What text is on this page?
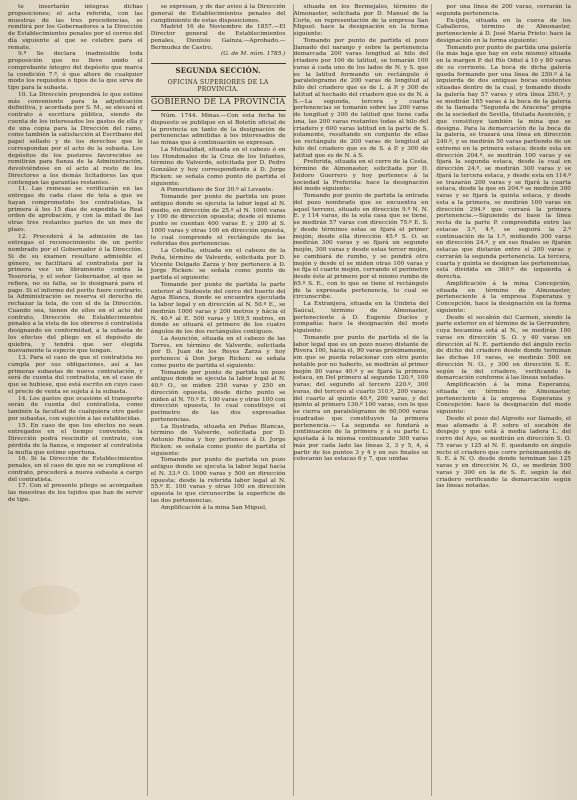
te insertarán íntegras dichas proposiciones; el acta referida, con las muestras de las tres procedencias, se remitirá por los Gobernadores a la Dirección de Establecimientos penales por el correo del día siguiente al que se celebre para el remate.

9.ª Se declara inadmisible toda proposición que no lleve unido el comprobante íntegro del depósito que marca la condición 7.ª, ó que altere de cualquier modo los requisitos ó tipos de la que sirva de tipo para la subasta.

10. La Dirección propondrá lo que estime más conveniente para la adjudicación definitiva, y acordada por S. M., se elevará el contrato á escritura pública, siendo de cuenta de los interesados los gastos de ella y de una copia para la Dirección del ramo, como también la satisfacción al Escribano del papel sellado y de los derechos que le correspondan por el acto de la subasta. Los depósitos de los postores favorecidos se remitirán para fianza de la Administración, devolviéndose en el acto al resto de los Directores a los demás licitadores las que contengan las garantías restantes.

11. Las remesas se verificarán en las entregas de cada clase de tela a que se hayan comprometido los contratistas, la primera á los 15 días de expedida la Real orden de aprobación, y con la mitad de las otras tres restantes partes de un mes de plazo.

12. Procederá á la admisión de las entregas el reconocimiento de un perito nombrado por el Gobernador ó la Dirección. Si de su examen resultare admisible el género, se facilitará al contratista por la primera vez un libramiento contra la Tesorería, y el señor Gobernador, al que se refiera, no su falta, se lo designará para el pago. Si el informe del perito fuere contrario, la Administración se reserva el derecho de rechazar la tela, de con el de la Dirección. Cuando sea, tienen de ellos en el acto del contrato, Dirección de Establecimientos penales a la vista de los obreros ó contratista designando en conformidad, a la subasta de los efectos del pliego en el depósito de quiebra, y tendrá que ser elegida nuevamente la especie que tengan.

13. Para el caso de que el contratista no cumpla por sus obligaciones, así a las primeras subastas de nueva contratación, y será de cuenta del contratista, en el caso de que se hubiese, que está escrito en cuyo caso el precio de venta se sujeta á la subasta.

14. Los gastos que ocasione el transporte serán de cuenta del contratista, como también la facultad de cualquiera otro gasto por subastas, con sujeción a las establecidas.

15. En caso de que los efectos no sean entregados en el tiempo convenido, la Dirección podrá rescindir el contrato, con pérdida de la fianza, e imponer al contratista la multa que estime oportuna.

16. Si la Dirección de Establecimientos penales, en el caso de que no se cumpliese el contrato, procederá a nueva subasta a cargo del contratista.

17. Con el presente pliego se acompañan las muestras de los tejidos que han de servir de tipo.

se expresan, y de dar aviso á la Dirección general de Establecimientos penales del cumplimiento de estas disposiciones.

Madrid 16 de Noviembre de 1857.—El Director general de Establecimientos penales, Dionisio Gaínza.—Aprobado.—Bermudez de Castro.

(G. de M. núm. 1785.)

SEGUNDA SECCIÓN.
OFICINA SUPERIORES DE LA PROVINCIA.
GOBIERNO DE LA PROVINCIA

Núm. 1744. Minas.—Con esta fecha he dispuesto se publique en el Boletín oficial de la provincia un tanto de la designación de pertenencias admitidas á los interesados de las minas que á continuación se expresan.

La Mutualidad, situada en el cabezo ó en los Hondonales de la Cruz de los Infantes, término de Valverde, solicitada por D. Pedro González y hoy correspondiente á D. Jorge Ricken: se señala como punto de partida el siguiente:

A Pomeridiano de Sur 30.º al Levante.

Tomando por punto de partida un pozo antiguo donde se ejecuta la labor legal al N. medio, en dirección de 25.º al N. 1000 varas y 100 de dirección opuesta; desde el mismo punto se cuentan 400 varas E. y 200 al S. 1000 varas y otras 100 en dirección opuesta, lo cual comprende el rectángulo de las referidas dos pertenencias.

La Cebolla, situada en el cabezo de la Peña, término de Valverde, solicitada por D. Vicente Delgado Zarza y hoy pertenece á D. Jorge Ricken: se señala como punto de partida el siguiente:

Tomando por punto de partida la parte exterior al Sudoeste del cerco del huerto del Agua Blanca, donde se encuentra ejecutada la labor legal y en dirección al N. 50.º E., se medirán 1000 varas y 200 metros y hácia el N. 40.º al E. 500 varas y 169,5 metros, en donde se situará el primero de los cuatro ángulos de los dos rectángulos contiguos.

La Asunción, situada en el cabezo de las Torres, en término de Valverde, solicitada por D. Juan de los Reyes Zarza y hoy pertenece á Don Jorge Ricken: se señala como punto de partida el siguiente:

Tomando por punto de partida un pozo antiguo donde se ejecuta la labor legal al N. 40.º O., se miden 250 varas y 250 en dirección opuesta, desde dicho punto se miden al N. 70.º E. 100 varas y otras 100 con dirección opuesta, lo cual constituye el perímetro de las dos expresadas pertenencias.

La Ilustrada, situada en Peñas Blancas, término de Valverde, solicitada por D. Antonio Reina y hoy pertenece á D. Jorge Ricken: se señala como punto de partida el siguiente:

Tomando por punto de partida un pozo antiguo donde se ejecuta la labor legal hacia el N. 33.º O. 1000 varas y 500 en dirección opuesta; desde la referida labor legal al N. 55.º E. 100 varas y otras 100 en dirección opuesta lo que circunscribe la superficie de las dos pertenencias.

Amplificación á la mina San Miguel,

situada en los Bermejales, término de Almonaster, solicitada por D. Manuel de la Corte, en representación de la empresa San Miguel: hace la designación en la forma siguiente:

Tomando por punto de partida el pozo llamado del naranjo y sobre la pertenencia demarcada 200 varas longitud al hilo del criadero por 100 de latitud, se tomarán 100 varas á cada uno de los lados de N. y S. que es la latitud formando un rectángulo ó paralelogramo de 200 varas de longitud al hilo del criadero que es de L. á P. y 300 de latitud al hechado del criadero que es de N. á S.—La segunda, tercera y cuarta pertenencias se tomarán sobre las 200 varas de longitud y 300 de latitud que tiene cada una, las 200 varas restantes todas al hilo del criadero y 600 varas latitud en la parte de S. solamente, resultando en conjunto de ellas un rectángulo de 200 varas de longitud al hilo del criadero que es de S. á P. y 300 de latitud que es de N. á S.

Preferida, situada en el cerro de la Cesta, término de Almonaster, solicitada por D. Isidoro Guerrero y hoy pertenece á la sociedad la Preferida: hace la designación del modo siguiente:

Tomando por punto de partida la entrada del pozo nombrado que se encuentra en aquel terreno, situado en dirección 9.º N. N. E. y 114 varas, de la sola casa que se tiene, se medirán 57 varas con dirección 75.º E. S. y desde términos estas se fijará el primer mojón; desde ella dirección 45.º S. O. se medirán 300 varas y se fijará un segundo mojón, 300 varas y desde estas tercer mojón, se cambiará de rumbo, y se pondrá otro mojón y desde el se miden otras 100 varas y se fija el cuarto mojón, cerrando el perímetro desde éste al primero por el mismo rumbo de 65.º S. E., con lo que se tiene el rectángulo de la expresada pertenencia, lo cual se circunscribe.

La Extranjera, situada en la Umbría del Saúcal, término de Almonaster, perteneciente á D. Eugenio Duclos y compañía: hace la designación del modo siguiente:

Tomando por punto de partida el de la labor legal que es un pozo nuevo distante de Rivera 100, hácia el, 90 varas próximamente, sin que se pueda relacionar con otro punto notable por no haberlo, se medirán al primer mojón 80 varas 40.º y se fijará la primera estaca, en Del primero al segundo 120.º, 100 varas; del segundo al tercero 220.º, 300 varas, del tercero al cuarto 310.º, 200 varas; del cuarto al quinto 40.º, 200 varas, y del quinto al primero 130.º 100 varas, con lo que se cierra un paralelógramo de 60,000 varas cuadradas que constituyen la primera pertenencia.— La segunda se fundará a continuación de la primera y á su parte L. ajustada á la misma continuando 300 varas más por cada lado las líneas 2, 3 y 5, 4, á partir de los puntos 3 y 4 y en sus finales se colocarán las estacas 6 y 7, que unidas

por una línea de 200 varas, cerrarán la segunda pertenencia.

Ex-ijida, situada en la cueva de los Caballeros, término de Almonaster, perteneciente á D. José María Prieto: hace la designación en la forma siguiente:

Tomando por punto de partida una galería (la más baja que hay en este mismo) situada en la margen P. del Río Odiel á 10 y 80 varas de su corriente. La boca de dicha galería queda formando por una línea de 250.º á la izquierda de dos antiguas bocas existentes situadas dentro de la cual, y tomando desde la galería hay 57 varas y otra línea 250.º, y se medirán 165 varas á la boca de la galería de la llamada "Segunda de Aracena" propia de la sociedad de Sevilla, titulada Asunción, y que constituye también la mina que se designa. Para la demarcación de la boca de la galería, se trazará una línea en dirección 240.º, y se medirán 50 varas partiendo de un extremo en la primera estaca; desde esta en dirección 204.º, se medirán 100 varas y se fijará la segunda estaca, desde la cual en dirección 24.º, se medirán 300 varas y se fijará la tercera estaca, y desde esta en 114.º se trazarán 200 varas y se fijará la cuarta estaca, desde la que en 204.º se medirán 300 varas y se fijará la quinta estaca, y desde esta a la primera, se medirán 100 varas en dirección 294.º que cerrará la primera pertenencia.—Siguiendo de base la línea recta de la parte P. comprendida entre las estacas 3.ª, 4.ª, se seguirá la 2.ª continuación de la 1.ª, midiendo 300 varas en dirección 24.º, y en sus finales se fijarán estacas que distarán entre sí 200 varas y cerrarán la segunda pertenencia. La tercera, cuarta y quinta se designan las pertenencias, está dividida en 360.º de izquierda á derecha.

Amplificación á la mina Concepción, situada en término de Almonaster, perteneciente á la empresa Esperanza y Concepción, hace la designación en la forma siguiente:

Desde el socabón del Carmen, siendo la parte exterior en el término de la Gerrumbre, cuya bocamina está al N., se medirán 100 varas en dirección S. O. y 40 varas en dirección al N. E. partiendo del ángulo recto de dicho del criadero desde donde terminan las dichas 10 varas, se medirán 500 en dirección N. O., y 300 en dirección S. E. según la del criadero, verificando la demarcación conforme á las líneas notadas.

Amplificación á la mina Esperanza, situada en término de Almonaster, perteneciente á la empresa Esperanza y Concepción: hace la designación del modo siguiente:

Desde el pozo del Algredo sur llamado, el mas afamado á P. sobre el socabón de despejo y que está á media ladera L. del cerro del Ayo, se medirán en dirección S. O. 75 varas y 125 al N. E. quedando en ángulo recto el criadero que corre próximamente de S. E. á N. O. desde donde terminan las 125 varas y en dirección N. O., se medirán 500 varas y 300 en la de S. E. según la del criadero verificando la demarcación según las líneas notadas.
